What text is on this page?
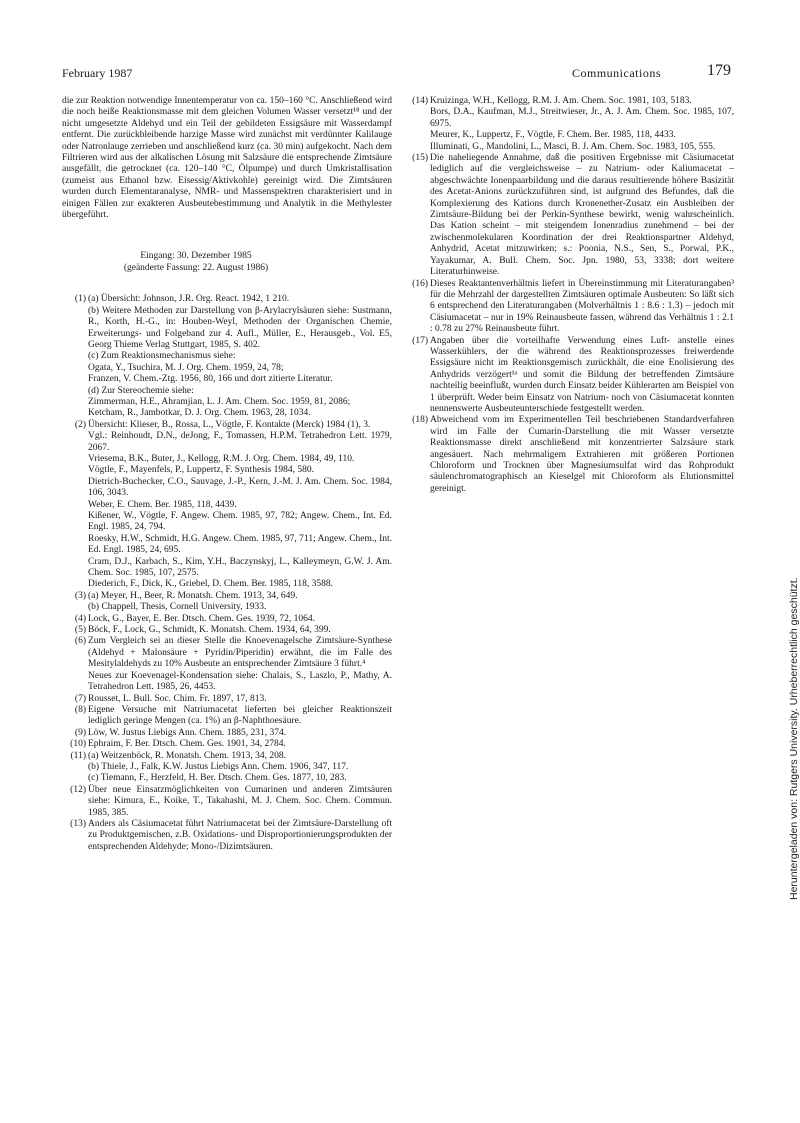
February 1987	Communications	179
die zur Reaktion notwendige Innentemperatur von ca. 150–160 °C. Anschließend wird die noch heiße Reaktionsmasse mit dem gleichen Volumen Wasser versetzt¹⁸ und der nicht umgesetzte Aldehyd und ein Teil der gebildeten Essigsäure mit Wasserdampf entfernt. Die zurückbleibende harzige Masse wird zunächst mit verdünnter Kalilauge oder Natronlauge zerrieben und anschließend kurz (ca. 30 min) aufgekocht. Nach dem Filtrieren wird aus der alkalischen Lösung mit Salzsäure die entsprechende Zimtsäure ausgefällt, die getrocknet (ca. 120–140 °C, Ölpumpe) und durch Umkristallisation (zumeist aus Ethanol bzw. Eisessig/Aktivkohle) gereinigt wird. Die Zimtsäuren wurden durch Elementaranalyse, NMR- und Massenspektren charakterisiert und in einigen Fällen zur exakteren Ausbeutebestimmung und Analytik in die Methylester übergeführt.
Eingang: 30. Dezember 1985
(geänderte Fassung: 22. August 1986)
(1) (a) Übersicht: Johnson, J.R. Org. React. 1942, 1 210.
(b) Weitere Methoden zur Darstellung von β-Arylacrylsäuren siehe: Sustmann, R., Korth, H.-G., in: Houben-Weyl, Methoden der Organischen Chemie, Erweiterungs- und Folgeband zur 4. Aufl., Müller, E., Herausgeb., Vol. E5, Georg Thieme Verlag Stuttgart, 1985, S. 402.
(c) Zum Reaktionsmechanismus siehe:
Ogata, Y., Tsuchira, M. J. Org. Chem. 1959, 24, 78;
Franzen, V. Chem.-Ztg. 1956, 80, 166 und dort zitierte Literatur.
(d) Zur Stereochemie siehe:
Zimmerman, H.E., Ahramjian, L. J. Am. Chem. Soc. 1959, 81, 2086;
Ketcham, R., Jambotkar, D. J. Org. Chem. 1963, 28, 1034.
(2) Übersicht: Klieser, B., Rossa, L., Vögtle, F. Kontakte (Merck) 1984 (1), 3.
Vgl.: Reinhoudt, D.N., deJong, F., Tomassen, H.P.M. Tetrahedron Lett. 1979, 2067.
Vriesema, B.K., Buter, J., Kellogg, R.M. J. Org. Chem. 1984, 49, 110.
Vögtle, F., Mayenfels, P., Luppertz, F. Synthesis 1984, 580.
Dietrich-Buchecker, C.O., Sauvage, J.-P., Kern, J.-M. J. Am. Chem. Soc. 1984, 106, 3043.
Weber, E. Chem. Ber. 1985, 118, 4439.
Kißener, W., Vögtle, F. Angew. Chem. 1985, 97, 782; Angew. Chem., Int. Ed. Engl. 1985, 24, 794.
Roesky, H.W., Schmidt, H.G. Angew. Chem. 1985, 97, 711; Angew. Chem., Int. Ed. Engl. 1985, 24, 695.
Cram, D.J., Karbach, S., Kim, Y.H., Baczynskyj, L., Kalleymeyn, G.W. J. Am. Chem. Soc. 1985, 107, 2575.
Diederich, F., Dick, K., Griebel, D. Chem. Ber. 1985, 118, 3588.
(3) (a) Meyer, H., Beer, R. Monatsh. Chem. 1913, 34, 649.
(b) Chappell, Thesis, Cornell University, 1933.
(4) Lock, G., Bayer, E. Ber. Dtsch. Chem. Ges. 1939, 72, 1064.
(5) Böck, F., Lock, G., Schmidt, K. Monatsh. Chem. 1934, 64, 399.
(6) Zum Vergleich sei an dieser Stelle die Knoevenagelsche Zimtsäure-Synthese (Aldehyd + Malonsäure + Pyridin/Piperidin) erwähnt, die im Falle des Mesitylaldehyds zu 10% Ausbeute an entsprechender Zimtsäure 3 führt.⁴
Neues zur Koevenagel-Kondensation siehe: Chalais, S., Laszlo, P., Mathy, A. Tetrahedron Lett. 1985, 26, 4453.
(7) Rousset, L. Bull. Soc. Chim. Fr. 1897, 17, 813.
(8) Eigene Versuche mit Natriumacetat lieferten bei gleicher Reaktionszeit lediglich geringe Mengen (ca. 1%) an β-Naphthoesäure.
(9) Löw, W. Justus Liebigs Ann. Chem. 1885, 231, 374.
(10) Ephraim, F. Ber. Dtsch. Chem. Ges. 1901, 34, 2784.
(11) (a) Weitzenböck, R. Monatsh. Chem. 1913, 34, 208.
(b) Thiele, J., Falk, K.W. Justus Liebigs Ann. Chem. 1906, 347, 117.
(c) Tiemann, F., Herzfeld, H. Ber. Dtsch. Chem. Ges. 1877, 10, 283.
(12) Über neue Einsatzmöglichkeiten von Cumarinen und anderen Zimtsäuren siehe: Kimura, E., Koike, T., Takahashi, M. J. Chem. Soc. Chem. Commun. 1985, 385.
(13) Anders als Cäsiumacetat führt Natriumacetat bei der Zimtsäure-Darstellung oft zu Produktgemischen, z.B. Oxidations- und Disproportionierungsprodukten der entsprechenden Aldehyde; Mono-/Dizimtsäuren.
(14) Kruizinga, W.H., Kellogg, R.M. J. Am. Chem. Soc. 1981, 103, 5183.
Bors, D.A., Kaufman, M.J., Streitwieser, Jr., A. J. Am. Chem. Soc. 1985, 107, 6975.
Meurer, K., Luppertz, F., Vögtle, F. Chem. Ber. 1985, 118, 4433.
Illuminati, G., Mandolini, L., Masci, B. J. Am. Chem. Soc. 1983, 105, 555.
(15) Die naheliegende Annahme, daß die positiven Ergebnisse mit Cäsiumacetat lediglich auf die vergleichsweise – zu Natrium- oder Kaliumacetat – abgeschwächte Ionenpaarbildung und die daraus resultierende höhere Basizität des Acetat-Anions zurückzuführen sind, ist aufgrund des Befundes, daß die Komplexierung des Kations durch Kronenether-Zusatz ein Ausbleiben der Zimtsäure-Bildung bei der Perkin-Synthese bewirkt, wenig wahrscheinlich. Das Kation scheint – mit steigendem Ionenradius zunehmend – bei der zwischenmolekularen Koordination der drei Reaktionspartner Aldehyd, Anhydrid, Acetat mitzuwirken; s.: Poonia, N.S., Sen, S., Porwal, P.K., Yayakumar, A. Bull. Chem. Soc. Jpn. 1980, 53, 3338; dort weitere Literaturhinweise.
(16) Dieses Reaktantenverhältnis liefert in Übereinstimmung mit Literaturangaben³ für die Mehrzahl der dargestellten Zimtsäuren optimale Ausbeuten: So läßt sich 6 entsprechend den Literaturangaben (Molverhältnis 1 : 8.6 : 1.3) – jedoch mit Cäsiumacetat – nur in 19% Reinausbeute fassen, während das Verhältnis 1 : 2.1 : 0.78 zu 27% Reinausbeute führt.
(17) Angaben über die vorteilhafte Verwendung eines Luft- anstelle eines Wasserkühlers, der die während des Reaktionsprozesses freiwerdende Essigsäure nicht im Reaktionsgemisch zurückhält, die eine Enolisierung des Anhydrids verzögert¹ᵃ und somit die Bildung der betreffenden Zimtsäure nachteilig beeinflußt, wurden durch Einsatz beider Kühlerarten am Beispiel von 1 überprüft. Weder beim Einsatz von Natrium- noch von Cäsiumacetat konnten nennenswerte Ausbeuteunterschiede festgestellt werden.
(18) Abweichend vom im Experimentellen Teil beschriebenen Standardverfahren wird im Falle der Cumarin-Darstellung die mit Wasser versetzte Reaktionsmasse direkt anschließend mit konzentrierter Salzsäure stark angesäuert. Nach mehrmaligem Extrahieren mit größeren Portionen Chloroform und Trocknen über Magnesiumsulfat wird das Rohprodukt säulenchromatographisch an Kieselgel mit Chloroform als Elutionsmittel gereinigt.
Heruntergeladen von: Rutgers University. Urheberrechtlich geschützt.
